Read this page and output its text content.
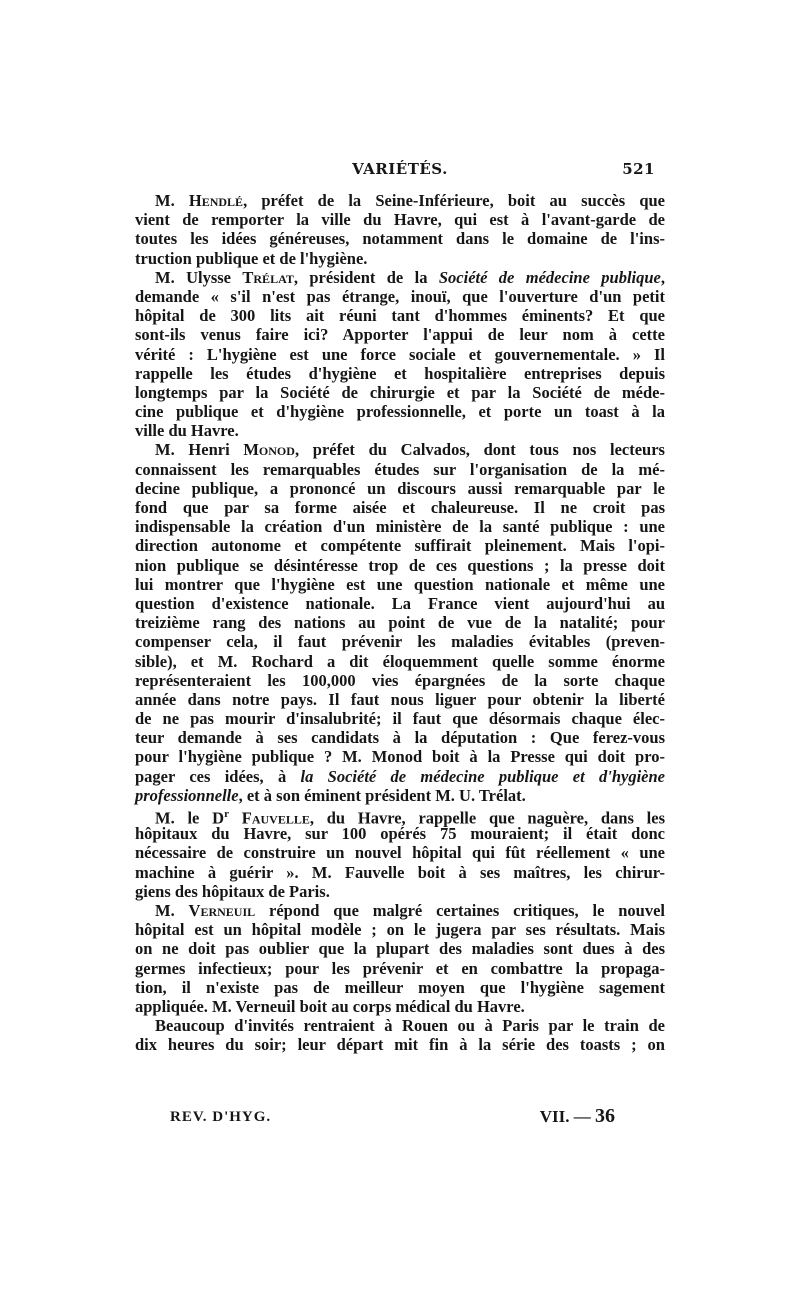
VARIÉTÉS.	521
M. Hendlé, préfet de la Seine-Inférieure, boit au succès que
vient de remporter la ville du Havre, qui est à l'avant-garde de
toutes les idées généreuses, notamment dans le domaine de l'ins-
truction publique et de l'hygiène.
M. Ulysse Trélat, président de la Société de médecine publique,
demande « s'il n'est pas étrange, inouï, que l'ouverture d'un petit
hôpital de 300 lits ait réuni tant d'hommes éminents? Et que
sont-ils venus faire ici? Apporter l'appui de leur nom à cette
vérité : L'hygiène est une force sociale et gouvernementale. » Il
rappelle les études d'hygiène et hospitalière entreprises depuis
longtemps par la Société de chirurgie et par la Société de méde-
cine publique et d'hygiène professionnelle, et porte un toast à la
ville du Havre.
M. Henri Monod, préfet du Calvados, dont tous nos lecteurs
connaissent les remarquables études sur l'organisation de la mé-
decine publique, a prononcé un discours aussi remarquable par le
fond que par sa forme aisée et chaleureuse. Il ne croit pas
indispensable la création d'un ministère de la santé publique : une
direction autonome et compétente suffirait pleinement. Mais l'opi-
nion publique se désintéresse trop de ces questions ; la presse doit
lui montrer que l'hygiène est une question nationale et même une
question d'existence nationale. La France vient aujourd'hui au
treizième rang des nations au point de vue de la natalité; pour
compenser cela, il faut prévenir les maladies évitables (preven-
sible), et M. Rochard a dit éloquemment quelle somme énorme
représenteraient les 100,000 vies épargnées de la sorte chaque
année dans notre pays. Il faut nous liguer pour obtenir la liberté
de ne pas mourir d'insalubrité; il faut que désormais chaque élec-
teur demande à ses candidats à la députation : Que ferez-vous
pour l'hygiène publique ? M. Monod boit à la Presse qui doit pro-
pager ces idées, à la Société de médecine publique et d'hygiène
professionnelle, et à son éminent président M. U. Trélat.
M. le $D^r$ Fauvelle, du Havre, rappelle que naguère, dans les
hôpitaux du Havre, sur 100 opérés 75 mouraient; il était donc
nécessaire de construire un nouvel hôpital qui fût réellement « une
machine à guérir ». M. Fauvelle boit à ses maîtres, les chirur-
giens des hôpitaux de Paris.
M. Verneuil répond que malgré certaines critiques, le nouvel
hôpital est un hôpital modèle ; on le jugera par ses résultats. Mais
on ne doit pas oublier que la plupart des maladies sont dues à des
germes infectieux; pour les prévenir et en combattre la propaga-
tion, il n'existe pas de meilleur moyen que l'hygiène sagement
appliquée. M. Verneuil boit au corps médical du Havre.
Beaucoup d'invités rentraient à Rouen ou à Paris par le train de
dix heures du soir; leur départ mit fin à la série des toasts ; on
REV. D'HYG.	VII. — 36
